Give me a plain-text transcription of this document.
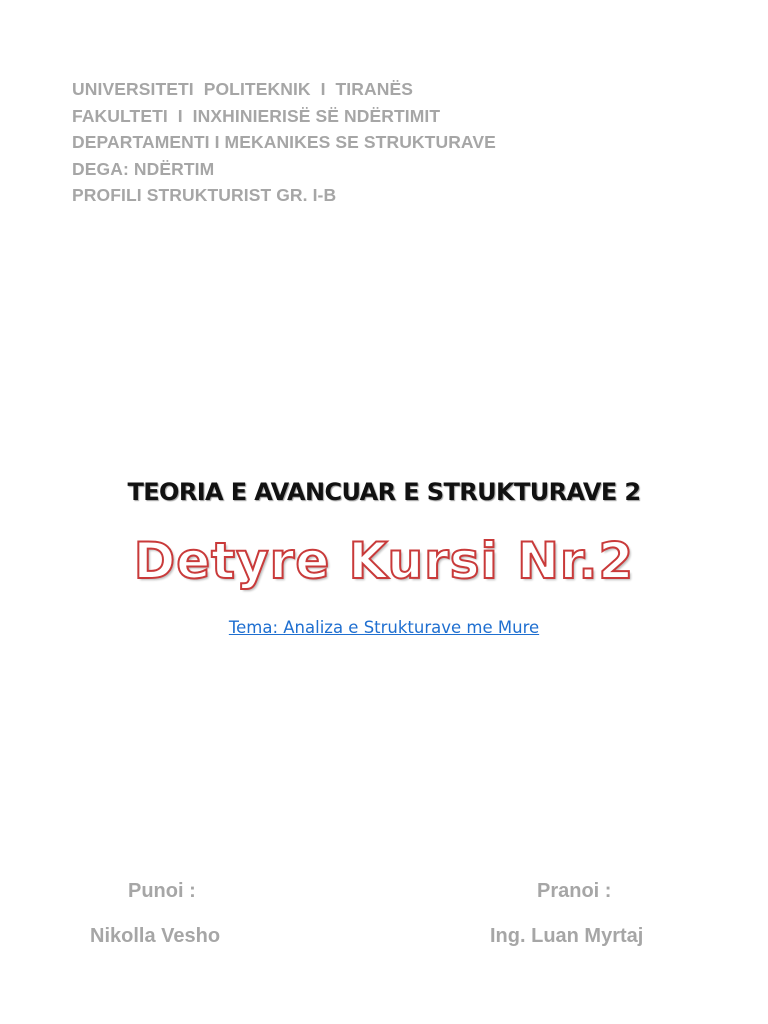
UNIVERSITETI  POLITEKNIK  I  TIRANËS
FAKULTETI  I  INXHINIERISË SË NDËRTIMIT
DEPARTAMENTI I MEKANIKES SE STRUKTURAVE
DEGA: NDËRTIM
PROFILI STRUKTURIST GR. I-B
TEORIA E AVANCUAR E STRUKTURAVE 2
Detyre Kursi Nr.2
Tema: Analiza e Strukturave me Mure
Punoi :
Nikolla Vesho
Pranoi :
Ing. Luan Myrtaj
